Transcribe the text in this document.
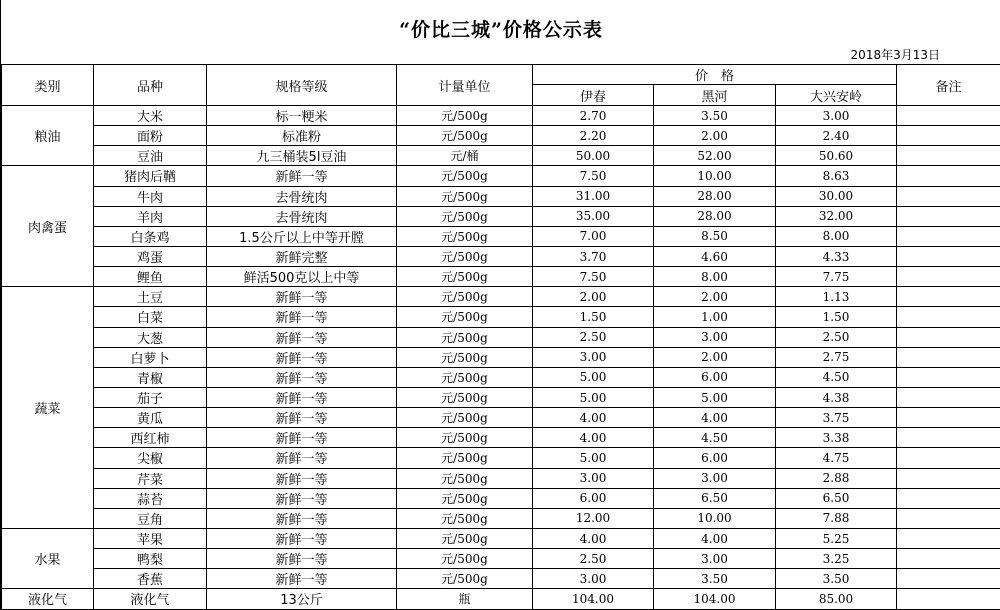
“价比三城”价格公示表
2018年3月13日
类别	品种	规格等级	计量单位	价　格			备注
				伊春	黑河	大兴安岭	
粮油	大米	标一粳米	元/500g	2.70	3.50	3.00	
	面粉	标准粉	元/500g	2.20	2.00	2.40	
	豆油	九三桶装5l豆油	元/桶	50.00	52.00	50.60	
肉禽蛋	猪肉后鞧	新鲜一等	元/500g	7.50	10.00	8.63	
	牛肉	去骨统肉	元/500g	31.00	28.00	30.00	
	羊肉	去骨统肉	元/500g	35.00	28.00	32.00	
	白条鸡	1.5公斤以上中等开膛	元/500g	7.00	8.50	8.00	
	鸡蛋	新鲜完整	元/500g	3.70	4.60	4.33	
	鲤鱼	鲜活500克以上中等	元/500g	7.50	8.00	7.75	
蔬菜	土豆	新鲜一等	元/500g	2.00	2.00	1.13	
	白菜	新鲜一等	元/500g	1.50	1.00	1.50	
	大葱	新鲜一等	元/500g	2.50	3.00	2.50	
	白萝卜	新鲜一等	元/500g	3.00	2.00	2.75	
	青椒	新鲜一等	元/500g	5.00	6.00	4.50	
	茄子	新鲜一等	元/500g	5.00	5.00	4.38	
	黄瓜	新鲜一等	元/500g	4.00	4.00	3.75	
	西红柿	新鲜一等	元/500g	4.00	4.50	3.38	
	尖椒	新鲜一等	元/500g	5.00	6.00	4.75	
	芹菜	新鲜一等	元/500g	3.00	3.00	2.88	
	蒜苔	新鲜一等	元/500g	6.00	6.50	6.50	
	豆角	新鲜一等	元/500g	12.00	10.00	7.88	
水果	苹果	新鲜一等	元/500g	4.00	4.00	5.25	
	鸭梨	新鲜一等	元/500g	2.50	3.00	3.25	
	香蕉	新鲜一等	元/500g	3.00	3.50	3.50	
液化气	液化气	13公斤	瓶	104.00	104.00	85.00	
